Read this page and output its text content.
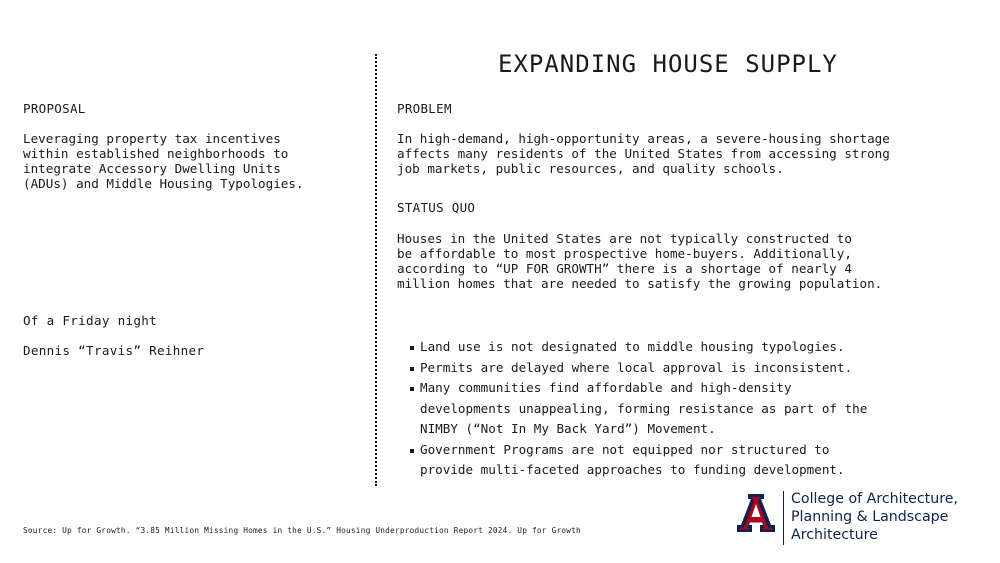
EXPANDING HOUSE SUPPLY
PROPOSAL
Leveraging property tax incentives
within established neighborhoods to
integrate Accessory Dwelling Units
(ADUs) and Middle Housing Typologies.
PROBLEM
In high-demand, high-opportunity areas, a severe-housing shortage
affects many residents of the United States from accessing strong
job markets, public resources, and quality schools.
STATUS QUO
Houses in the United States are not typically constructed to
be affordable to most prospective home-buyers. Additionally,
according to “UP FOR GROWTH” there is a shortage of nearly 4
million homes that are needed to satisfy the growing population.
Of a Friday night
Dennis “Travis” Reihner	Land use is not designated to middle housing typologies.
Permits are delayed where local approval is inconsistent.
Many communities find affordable and high-density
developments unappealing, forming resistance as part of the
NIMBY (“Not In My Back Yard”) Movement.
Government Programs are not equipped nor structured to
provide multi-faceted approaches to funding development.
Source: Up for Growth. “3.85 Million Missing Homes in the U.S.” Housing Underproduction Report 2024. Up for Growth
College of Architecture,
Planning & Landscape
Architecture
